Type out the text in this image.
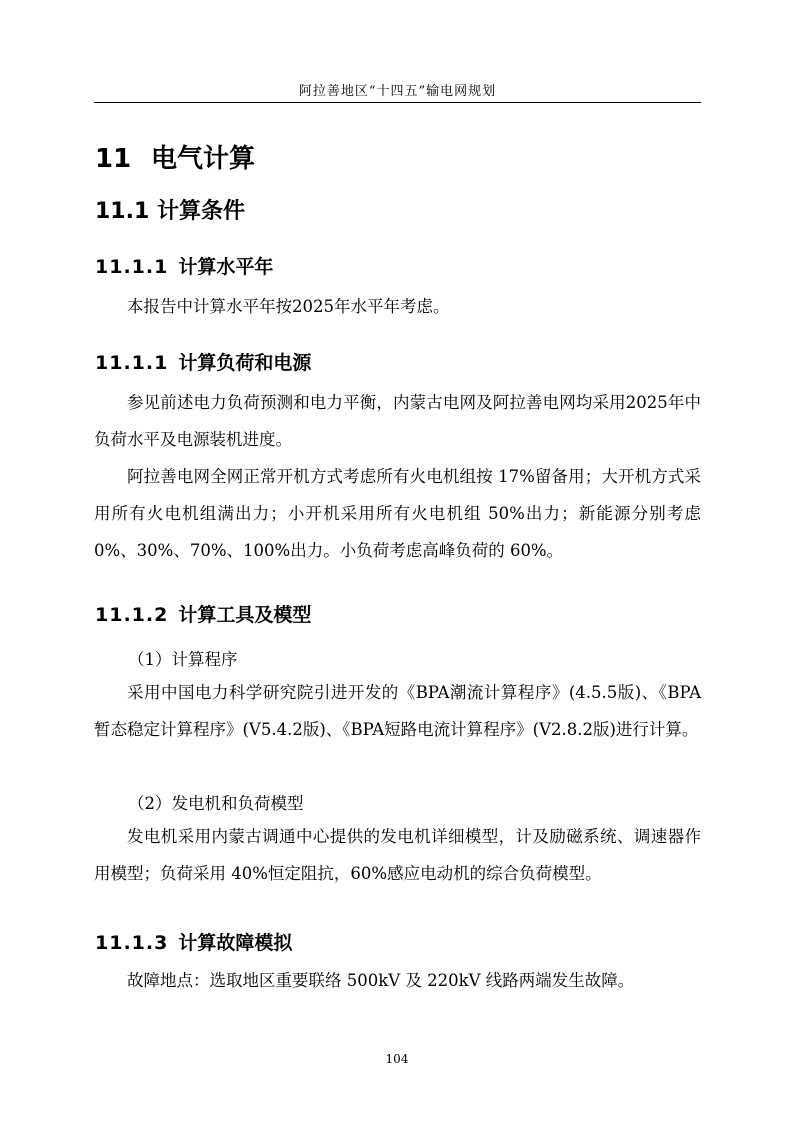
阿拉善地区“十四五”输电网规划
11 电气计算
11.1 计算条件
11.1.1 计算水平年

本报告中计算水平年按2025年水平年考虑。

11.1.1 计算负荷和电源

参见前述电力负荷预测和电力平衡，内蒙古电网及阿拉善电网均采用2025年中负荷水平及电源装机进度。

阿拉善电网全网正常开机方式考虑所有火电机组按 17%留备用；大开机方式采用所有火电机组满出力；小开机采用所有火电机组 50%出力；新能源分别考虑 0%、30%、70%、100%出力。小负荷考虑高峰负荷的 60%。

11.1.2 计算工具及模型
（1）计算程序

采用中国电力科学研究院引进开发的《BPA潮流计算程序》(4.5.5版)、《BPA暂态稳定计算程序》(V5.4.2版)、《BPA短路电流计算程序》(V2.8.2版)进行计算。

（2）发电机和负荷模型

发电机采用内蒙古调通中心提供的发电机详细模型，计及励磁系统、调速器作用模型；负荷采用 40%恒定阻抗，60%感应电动机的综合负荷模型。

11.1.3 计算故障模拟

故障地点：选取地区重要联络 500kV 及 220kV 线路两端发生故障。

104
